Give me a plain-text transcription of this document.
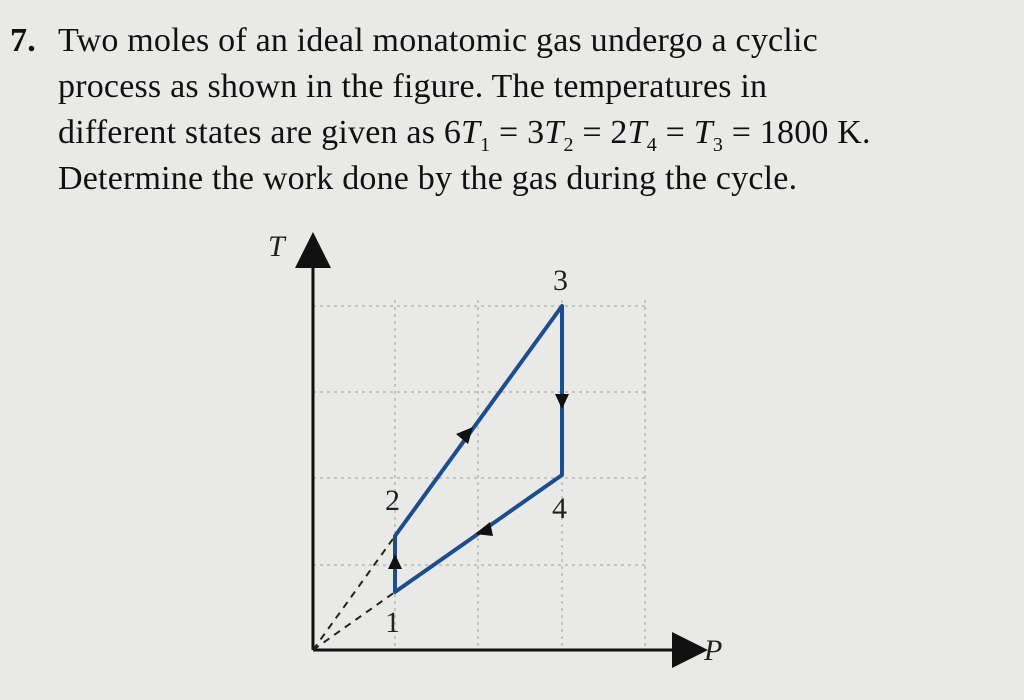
7. Two moles of an ideal monatomic gas undergo a cyclic
process as shown in the figure. The temperatures in
different states are given as $6T_1 = 3T_2 = 2T_4 = T_3 = 1800$ K.
Determine the work done by the gas during the cycle.
T
P
1
2
3
4
